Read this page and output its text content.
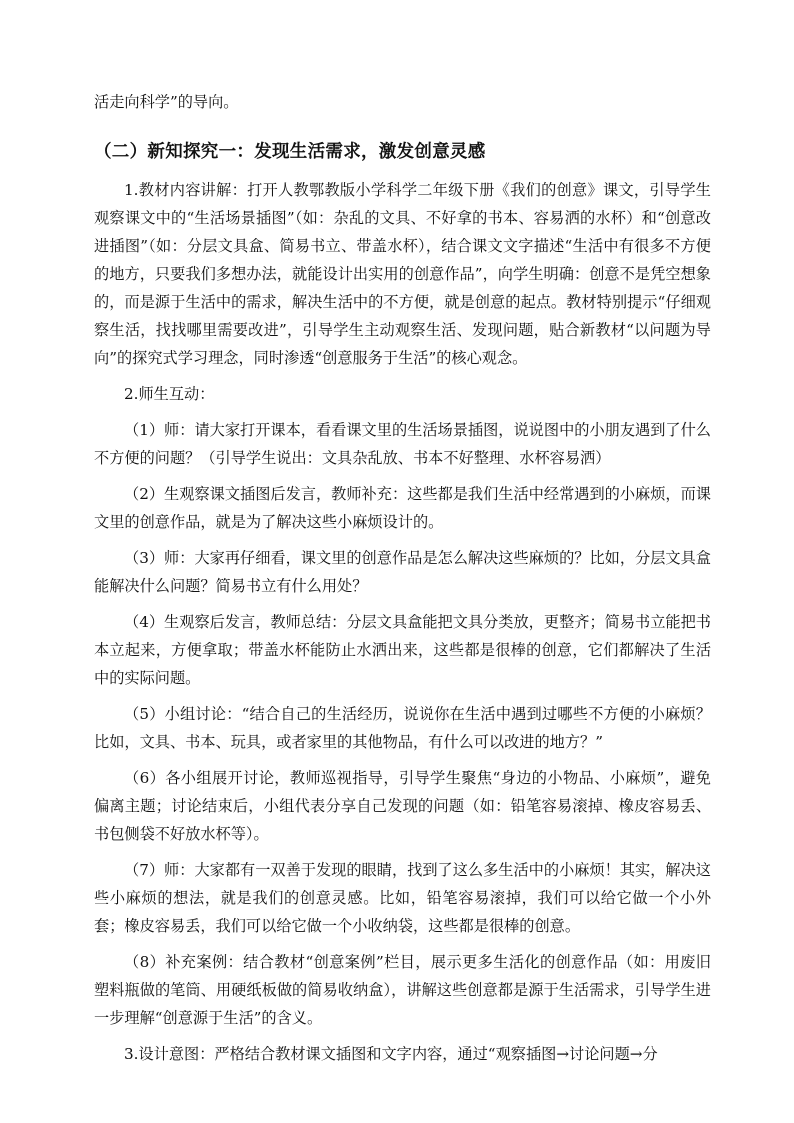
活走向科学”的导向。

（二）新知探究一：发现生活需求，激发创意灵感

1.教材内容讲解：打开人教鄂教版小学科学二年级下册《我们的创意》课文，引导学生观察课文中的“生活场景插图”（如：杂乱的文具、不好拿的书本、容易洒的水杯）和“创意改进插图”（如：分层文具盒、简易书立、带盖水杯），结合课文文字描述“生活中有很多不方便的地方，只要我们多想办法，就能设计出实用的创意作品”，向学生明确：创意不是凭空想象的，而是源于生活中的需求，解决生活中的不方便，就是创意的起点。教材特别提示“仔细观察生活，找找哪里需要改进”，引导学生主动观察生活、发现问题，贴合新教材“以问题为导向”的探究式学习理念，同时渗透“创意服务于生活”的核心观念。

2.师生互动：

（1）师：请大家打开课本，看看课文里的生活场景插图，说说图中的小朋友遇到了什么不方便的问题？（引导学生说出：文具杂乱放、书本不好整理、水杯容易洒）

（2）生观察课文插图后发言，教师补充：这些都是我们生活中经常遇到的小麻烦，而课文里的创意作品，就是为了解决这些小麻烦设计的。

（3）师：大家再仔细看，课文里的创意作品是怎么解决这些麻烦的？比如，分层文具盒能解决什么问题？简易书立有什么用处？

（4）生观察后发言，教师总结：分层文具盒能把文具分类放，更整齐；简易书立能把书本立起来，方便拿取；带盖水杯能防止水洒出来，这些都是很棒的创意，它们都解决了生活中的实际问题。

（5）小组讨论：“结合自己的生活经历，说说你在生活中遇到过哪些不方便的小麻烦？比如，文具、书本、玩具，或者家里的其他物品，有什么可以改进的地方？”

（6）各小组展开讨论，教师巡视指导，引导学生聚焦“身边的小物品、小麻烦”，避免偏离主题；讨论结束后，小组代表分享自己发现的问题（如：铅笔容易滚掉、橡皮容易丢、书包侧袋不好放水杯等）。

（7）师：大家都有一双善于发现的眼睛，找到了这么多生活中的小麻烦！其实，解决这些小麻烦的想法，就是我们的创意灵感。比如，铅笔容易滚掉，我们可以给它做一个小外套；橡皮容易丢，我们可以给它做一个小收纳袋，这些都是很棒的创意。

（8）补充案例：结合教材“创意案例”栏目，展示更多生活化的创意作品（如：用废旧塑料瓶做的笔筒、用硬纸板做的简易收纳盒），讲解这些创意都是源于生活需求，引导学生进一步理解“创意源于生活”的含义。

3.设计意图：严格结合教材课文插图和文字内容，通过“观察插图→讨论问题→分
